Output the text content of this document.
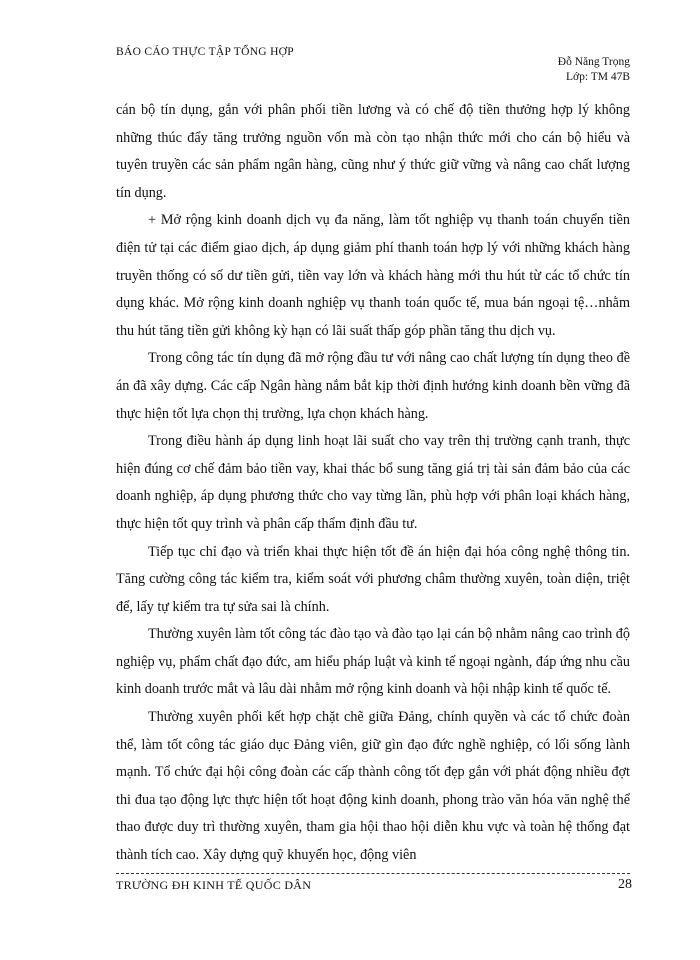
BÁO CÁO THỰC TẬP TỔNG HỢP
Đỗ Năng Trọng
Lớp: TM 47B

cán bộ tín dụng, gắn với phân phối tiền lương và có chế độ tiền thưởng hợp lý không những thúc đẩy tăng trưởng nguồn vốn mà còn tạo nhận thức mới cho cán bộ hiểu và tuyên truyền các sản phẩm ngân hàng, cũng như ý thức giữ vững và nâng cao chất lượng tín dụng.

+ Mở rộng kinh doanh dịch vụ đa năng, làm tốt nghiệp vụ thanh toán chuyển tiền điện tử tại các điểm giao dịch, áp dụng giảm phí thanh toán hợp lý với những khách hàng truyền thống có số dư tiền gửi, tiền vay lớn và khách hàng mới thu hút từ các tổ chức tín dụng khác. Mở rộng kinh doanh nghiệp vụ thanh toán quốc tế, mua bán ngoại tệ…nhằm thu hút tăng tiền gửi không kỳ hạn có lãi suất thấp góp phần tăng thu dịch vụ.

Trong công tác tín dụng đã mở rộng đầu tư với nâng cao chất lượng tín dụng theo đề án đã xây dựng. Các cấp Ngân hàng nắm bắt kịp thời định hướng kinh doanh bền vững đã thực hiện tốt lựa chọn thị trường, lựa chọn khách hàng.

Trong điều hành áp dụng linh hoạt lãi suất cho vay trên thị trường cạnh tranh, thực hiện đúng cơ chế đảm bảo tiền vay, khai thác bổ sung tăng giá trị tài sản đảm bảo của các doanh nghiệp, áp dụng phương thức cho vay từng lần, phù hợp với phân loại khách hàng, thực hiện tốt quy trình và phân cấp thẩm định đầu tư.

Tiếp tục chỉ đạo và triển khai thực hiện tốt đề án hiện đại hóa công nghệ thông tin. Tăng cường công tác kiểm tra, kiểm soát với phương châm thường xuyên, toàn diện, triệt để, lấy tự kiểm tra tự sửa sai là chính.

Thường xuyên làm tốt công tác đào tạo và đào tạo lại cán bộ nhằm nâng cao trình độ nghiệp vụ, phẩm chất đạo đức, am hiểu pháp luật và kinh tế ngoại ngành, đáp ứng nhu cầu kinh doanh trước mắt và lâu dài nhằm mở rộng kinh doanh và hội nhập kinh tế quốc tế.

Thường xuyên phối kết hợp chặt chẽ giữa Đảng, chính quyền và các tổ chức đoàn thể, làm tốt công tác giáo dục Đảng viên, giữ gìn đạo đức nghề nghiệp, có lối sống lành mạnh. Tổ chức đại hội công đoàn các cấp thành công tốt đẹp gắn với phát động nhiều đợt thi đua tạo động lực thực hiện tốt hoạt động kinh doanh, phong trào văn hóa văn nghệ thể thao được duy trì thường xuyên, tham gia hội thao hội diễn khu vực và toàn hệ thống đạt thành tích cao. Xây dựng quỹ khuyến học, động viên

TRƯỜNG ĐH KINH TẾ QUỐC DÂN	28
